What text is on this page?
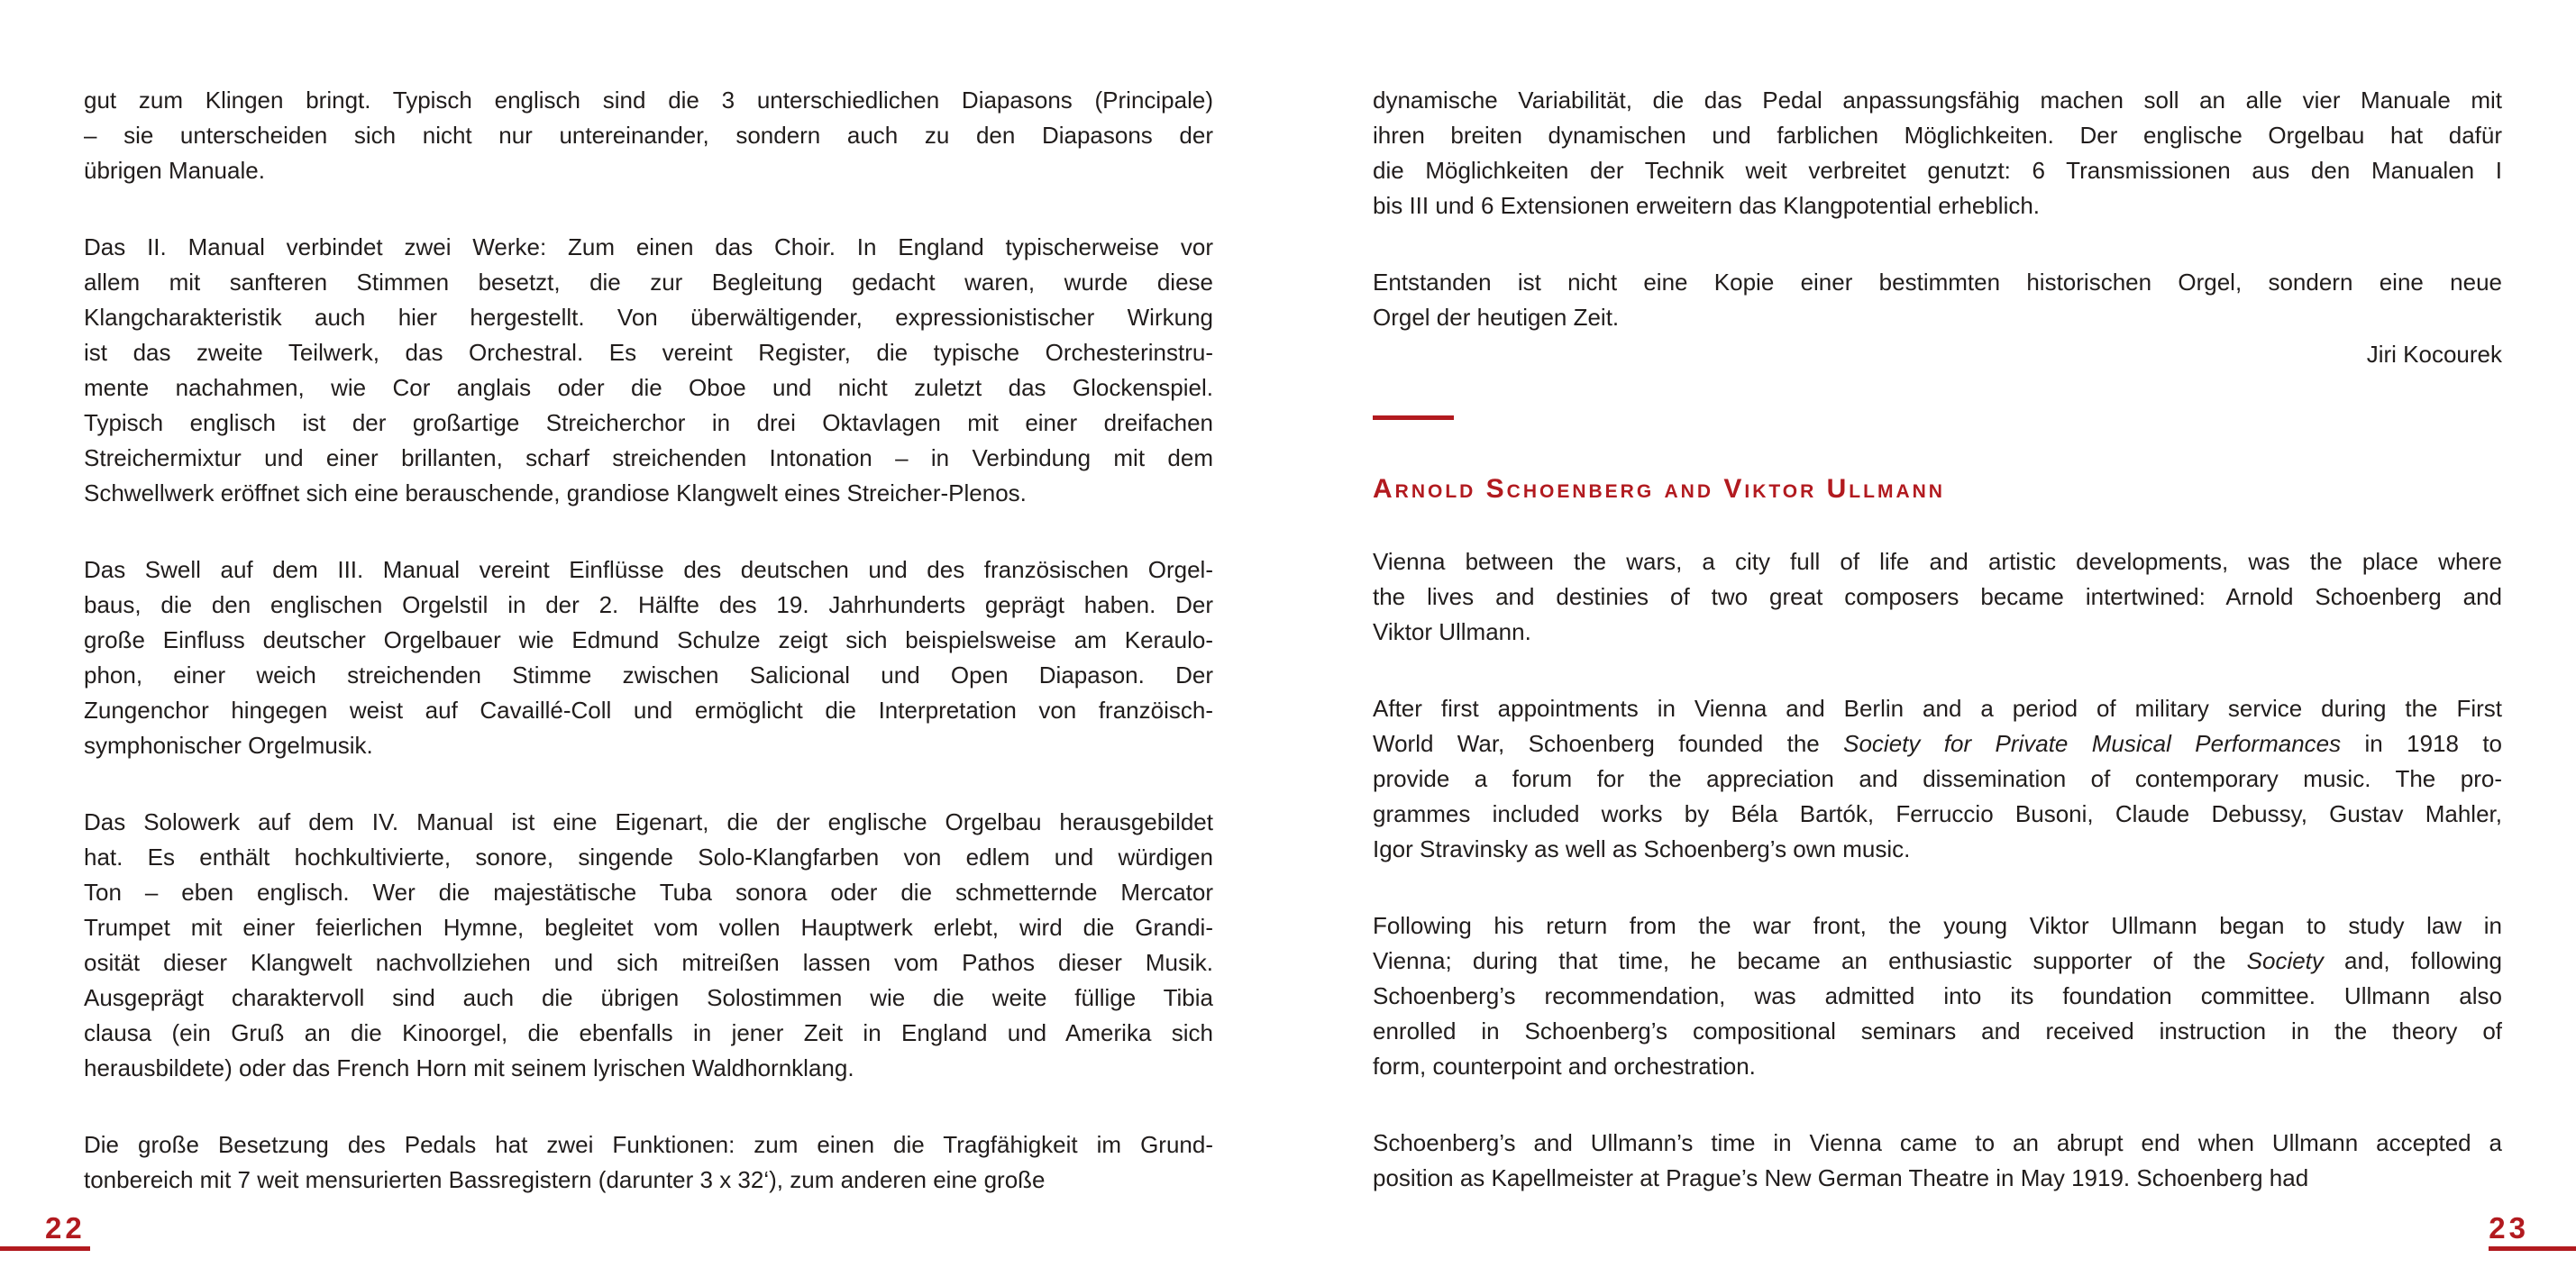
gut zum Klingen bringt. Typisch englisch sind die 3 unterschiedlichen Diapasons (Principale)
– sie unterscheiden sich nicht nur untereinander, sondern auch zu den Diapasons der
übrigen Manuale.
Das II. Manual verbindet zwei Werke: Zum einen das Choir. In England typischerweise vor
allem mit sanfteren Stimmen besetzt, die zur Begleitung gedacht waren, wurde diese
Klangcharakteristik auch hier hergestellt. Von überwältigender, expressionistischer Wirkung
ist das zweite Teilwerk, das Orchestral. Es vereint Register, die typische Orchesterinstru-
mente nachahmen, wie Cor anglais oder die Oboe und nicht zuletzt das Glockenspiel.
Typisch englisch ist der großartige Streicherchor in drei Oktavlagen mit einer dreifachen
Streichermixtur und einer brillanten, scharf streichenden Intonation – in Verbindung mit dem
Schwellwerk eröffnet sich eine berauschende, grandiose Klangwelt eines Streicher-Plenos.
Das Swell auf dem III. Manual vereint Einflüsse des deutschen und des französischen Orgel-
baus, die den englischen Orgelstil in der 2. Hälfte des 19. Jahrhunderts geprägt haben. Der
große Einfluss deutscher Orgelbauer wie Edmund Schulze zeigt sich beispielsweise am Keraulo-
phon, einer weich streichenden Stimme zwischen Salicional und Open Diapason. Der
Zungenchor hingegen weist auf Cavaillé-Coll und ermöglicht die Interpretation von franzöisch-
symphonischer Orgelmusik.
Das Solowerk auf dem IV. Manual ist eine Eigenart, die der englische Orgelbau herausgebildet
hat. Es enthält hochkultivierte, sonore, singende Solo-Klangfarben von edlem und würdigen
Ton – eben englisch. Wer die majestätische Tuba sonora oder die schmetternde Mercator
Trumpet mit einer feierlichen Hymne, begleitet vom vollen Hauptwerk erlebt, wird die Grandi-
osität dieser Klangwelt nachvollziehen und sich mitreißen lassen vom Pathos dieser Musik.
Ausgeprägt charaktervoll sind auch die übrigen Solostimmen wie die weite füllige Tibia
clausa (ein Gruß an die Kinoorgel, die ebenfalls in jener Zeit in England und Amerika sich
herausbildete) oder das French Horn mit seinem lyrischen Waldhornklang.
Die große Besetzung des Pedals hat zwei Funktionen: zum einen die Tragfähigkeit im Grund-
tonbereich mit 7 weit mensurierten Bassregistern (darunter 3 x 32‘), zum anderen eine große
22
dynamische Variabilität, die das Pedal anpassungsfähig machen soll an alle vier Manuale mit
ihren breiten dynamischen und farblichen Möglichkeiten. Der englische Orgelbau hat dafür
die Möglichkeiten der Technik weit verbreitet genutzt: 6 Transmissionen aus den Manualen I
bis III und 6 Extensionen erweitern das Klangpotential erheblich.
Entstanden ist nicht eine Kopie einer bestimmten historischen Orgel, sondern eine neue
Orgel der heutigen Zeit.
Jiri Kocourek
Arnold Schoenberg and Viktor Ullmann
Vienna between the wars, a city full of life and artistic developments, was the place where
the lives and destinies of two great composers became intertwined: Arnold Schoenberg and
Viktor Ullmann.
After first appointments in Vienna and Berlin and a period of military service during the First
World War, Schoenberg founded the Society for Private Musical Performances in 1918 to
provide a forum for the appreciation and dissemination of contemporary music. The pro-
grammes included works by Béla Bartók, Ferruccio Busoni, Claude Debussy, Gustav Mahler,
Igor Stravinsky as well as Schoenberg’s own music.
Following his return from the war front, the young Viktor Ullmann began to study law in
Vienna; during that time, he became an enthusiastic supporter of the Society and, following
Schoenberg’s recommendation, was admitted into its foundation committee. Ullmann also
enrolled in Schoenberg’s compositional seminars and received instruction in the theory of
form, counterpoint and orchestration.
Schoenberg’s and Ullmann’s time in Vienna came to an abrupt end when Ullmann accepted a
position as Kapellmeister at Prague’s New German Theatre in May 1919. Schoenberg had
23
